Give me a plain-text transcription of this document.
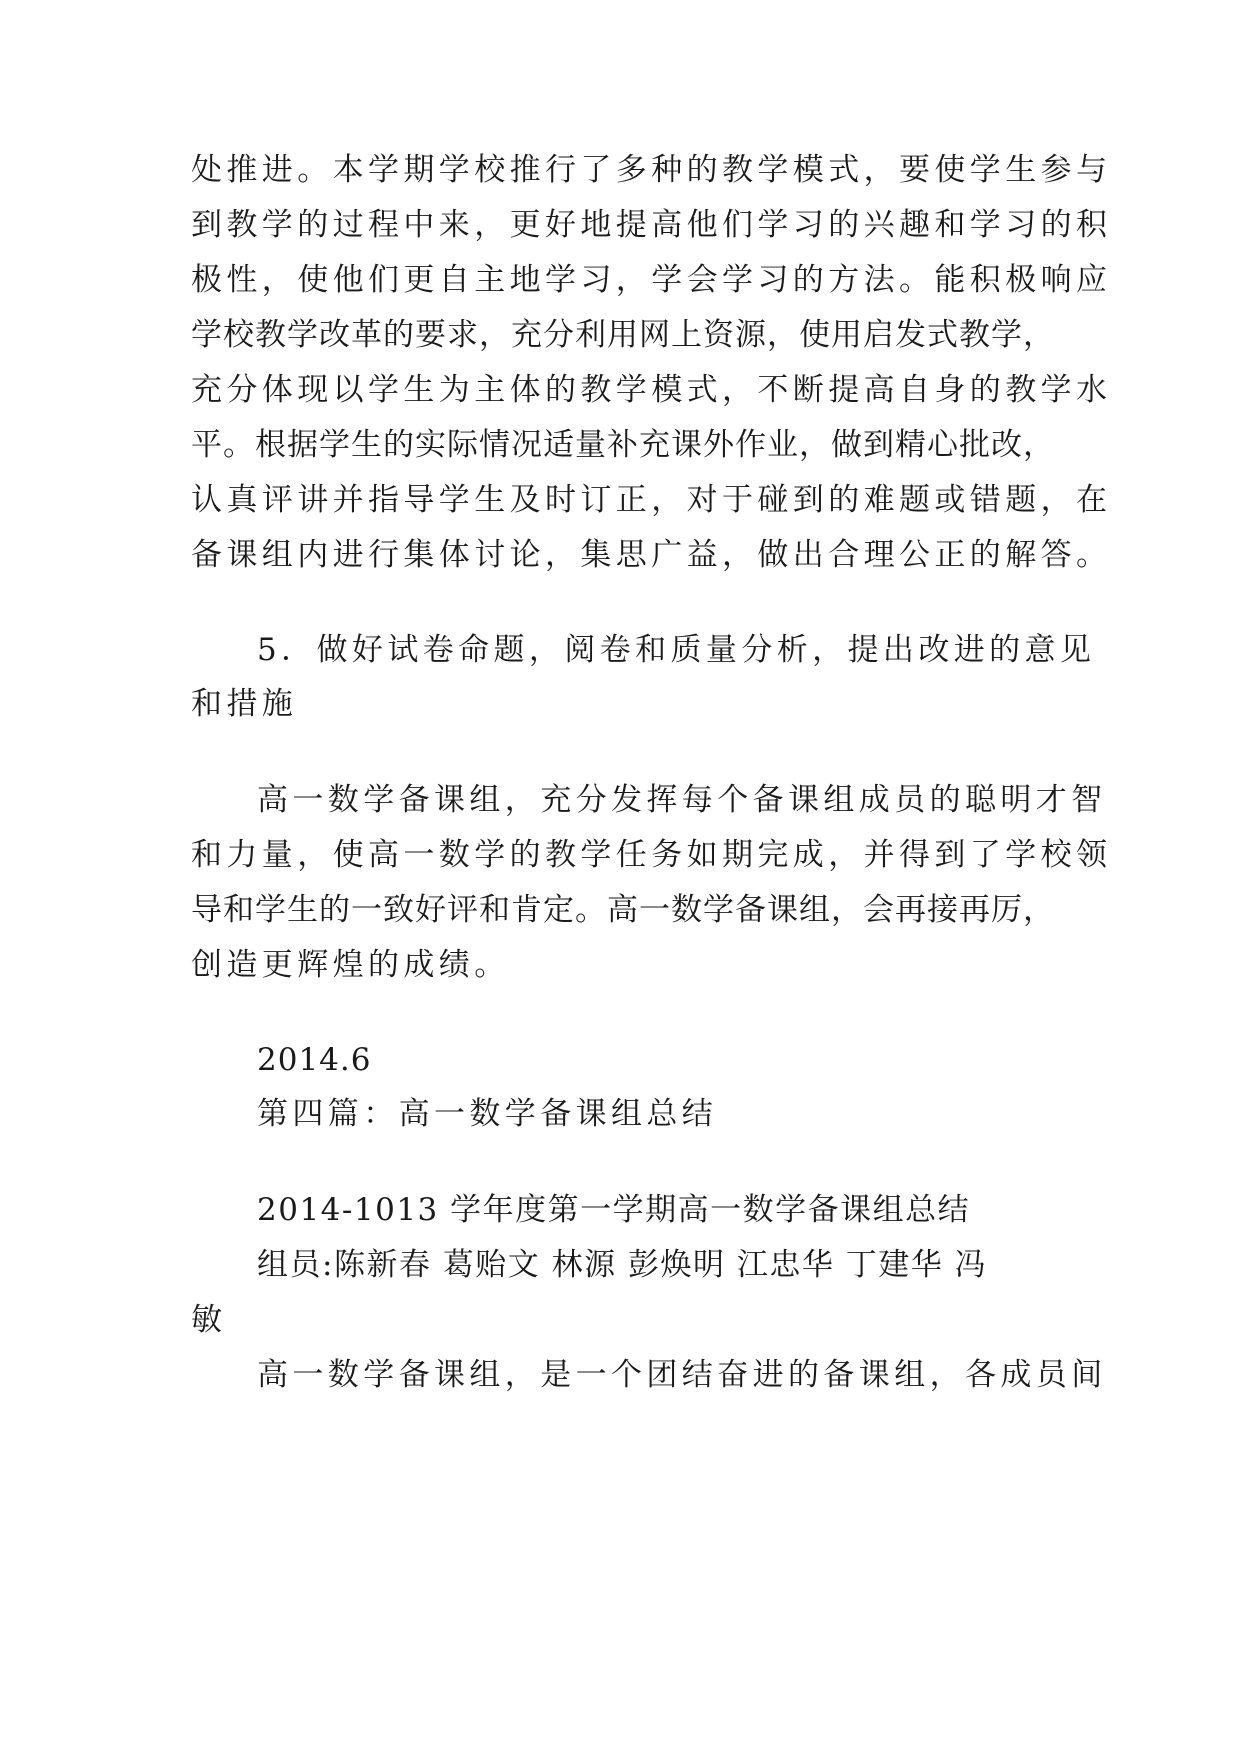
处推进。本学期学校推行了多种的教学模式，要使学生参与

到教学的过程中来，更好地提高他们学习的兴趣和学习的积

极性，使他们更自主地学习，学会学习的方法。能积极响应

学校教学改革的要求，充分利用网上资源，使用启发式教学，

充分体现以学生为主体的教学模式，不断提高自身的教学水

平。根据学生的实际情况适量补充课外作业，做到精心批改，

认真评讲并指导学生及时订正，对于碰到的难题或错题，在

备课组内进行集体讨论，集思广益，做出合理公正的解答。

5．做好试卷命题，阅卷和质量分析，提出改进的意见

和措施

高一数学备课组，充分发挥每个备课组成员的聪明才智

和力量，使高一数学的教学任务如期完成，并得到了学校领

导和学生的一致好评和肯定。高一数学备课组，会再接再厉，

创造更辉煌的成绩。

2014.6

第四篇：高一数学备课组总结

2014-1013 学年度第一学期高一数学备课组总结

组员:陈新春 葛贻文 林源 彭焕明 江忠华 丁建华 冯

敏

高一数学备课组，是一个团结奋进的备课组，各成员间
